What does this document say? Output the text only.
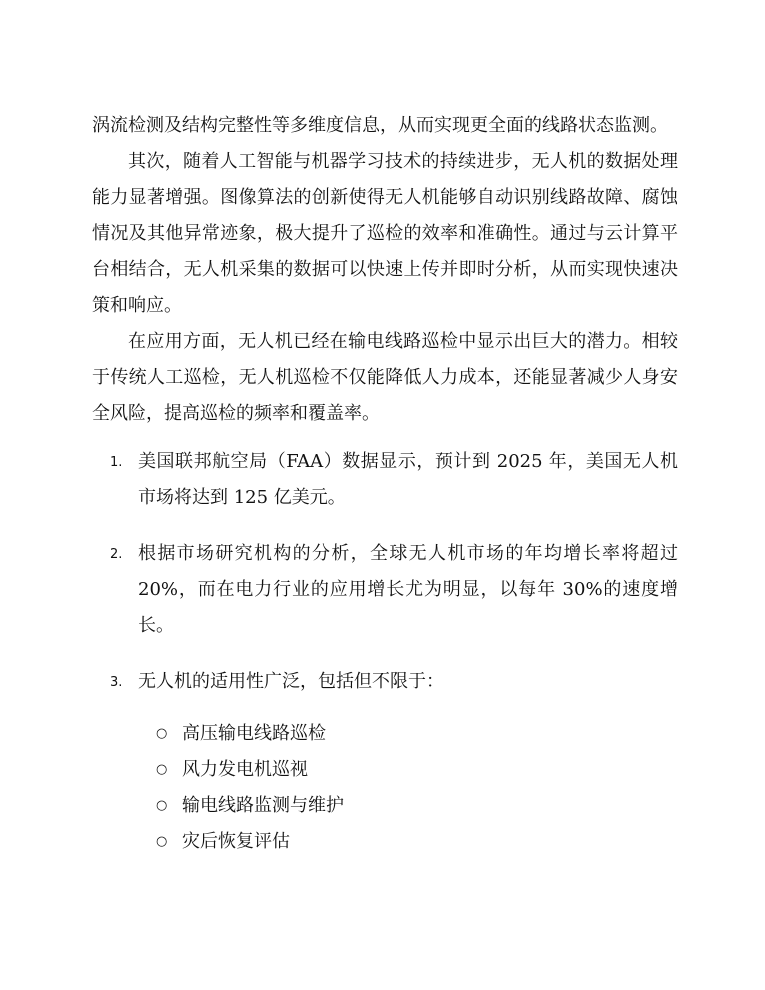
涡流检测及结构完整性等多维度信息，从而实现更全面的线路状态监测。

其次，随着人工智能与机器学习技术的持续进步，无人机的数据处理能力显著增强。图像算法的创新使得无人机能够自动识别线路故障、腐蚀情况及其他异常迹象，极大提升了巡检的效率和准确性。通过与云计算平台相结合，无人机采集的数据可以快速上传并即时分析，从而实现快速决策和响应。

在应用方面，无人机已经在输电线路巡检中显示出巨大的潜力。相较于传统人工巡检，无人机巡检不仅能降低人力成本，还能显著减少人身安全风险，提高巡检的频率和覆盖率。

1. 美国联邦航空局（FAA）数据显示，预计到 2025 年，美国无人机市场将达到 125 亿美元。
2. 根据市场研究机构的分析，全球无人机市场的年均增长率将超过 20%，而在电力行业的应用增长尤为明显，以每年 30%的速度增长。
3. 无人机的适用性广泛，包括但不限于：
○ 高压输电线路巡检
○ 风力发电机巡视
○ 输电线路监测与维护
○ 灾后恢复评估
